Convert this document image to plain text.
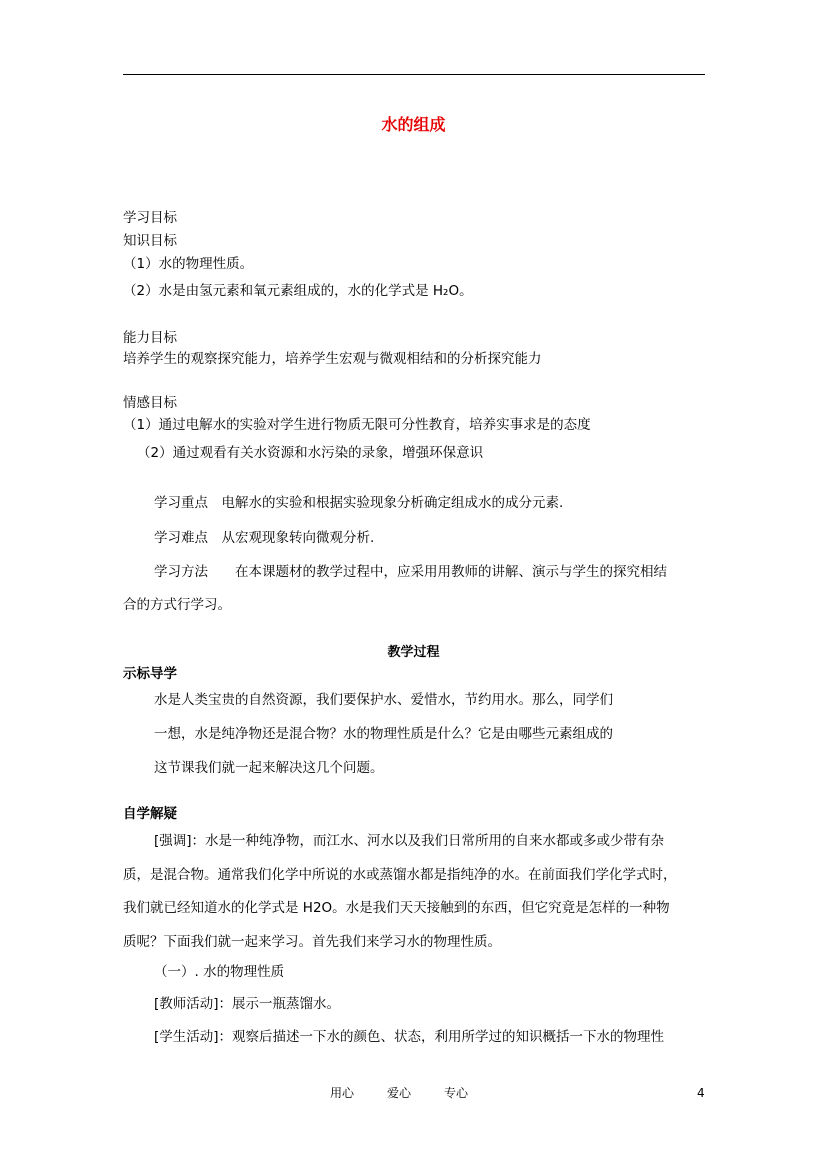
水的组成
学习目标
知识目标
（1）水的物理性质。
（2）水是由氢元素和氧元素组成的，水的化学式是 H₂O。
能力目标
培养学生的观察探究能力，培养学生宏观与微观相结和的分析探究能力
情感目标
（1）通过电解水的实验对学生进行物质无限可分性教育，培养实事求是的态度
（2）通过观看有关水资源和水污染的录象，增强环保意识
学习重点　电解水的实验和根据实验现象分析确定组成水的成分元素.
学习难点　从宏观现象转向微观分析.
学习方法　　在本课题材的教学过程中，应采用用教师的讲解、演示与学生的探究相结
合的方式行学习。
教学过程
示标导学
水是人类宝贵的自然资源，我们要保护水、爱惜水，节约用水。那么，同学们
一想，水是纯净物还是混合物？水的物理性质是什么？它是由哪些元素组成的
这节课我们就一起来解决这几个问题。
自学解疑
[强调]：水是一种纯净物，而江水、河水以及我们日常所用的自来水都或多或少带有杂
质，是混合物。通常我们化学中所说的水或蒸馏水都是指纯净的水。在前面我们学化学式时，
我们就已经知道水的化学式是 H2O。水是我们天天接触到的东西，但它究竟是怎样的一种物
质呢？下面我们就一起来学习。首先我们来学习水的物理性质。
（一）. 水的物理性质
[教师活动]：展示一瓶蒸馏水。
[学生活动]：观察后描述一下水的颜色、状态，利用所学过的知识概括一下水的物理性
用心	爱心	专心	4
